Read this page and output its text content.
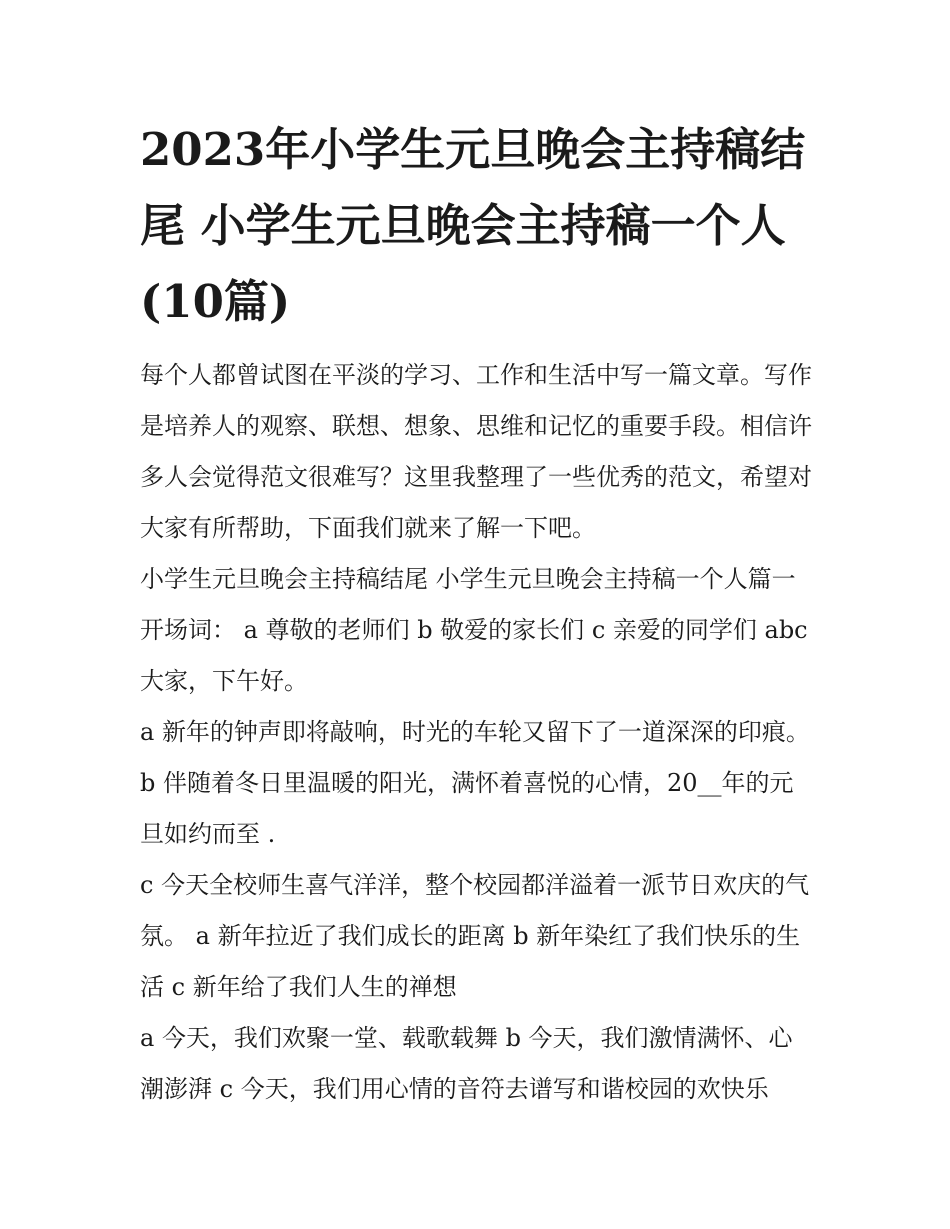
2023年小学生元旦晚会主持稿结尾 小学生元旦晚会主持稿一个人(10篇)

每个人都曾试图在平淡的学习、工作和生活中写一篇文章。写作是培养人的观察、联想、想象、思维和记忆的重要手段。相信许多人会觉得范文很难写？这里我整理了一些优秀的范文，希望对大家有所帮助，下面我们就来了解一下吧。

小学生元旦晚会主持稿结尾 小学生元旦晚会主持稿一个人篇一 开场词： a 尊敬的老师们 b 敬爱的家长们 c 亲爱的同学们 abc 大家，下午好。

a 新年的钟声即将敲响，时光的车轮又留下了一道深深的印痕。 b 伴随着冬日里温暖的阳光，满怀着喜悦的心情，20__年的元旦如约而至 .

c 今天全校师生喜气洋洋，整个校园都洋溢着一派节日欢庆的气氛。 a 新年拉近了我们成长的距离 b 新年染红了我们快乐的生活 c 新年给了我们人生的禅想

a 今天，我们欢聚一堂、载歌载舞 b 今天，我们激情满怀、心潮澎湃 c 今天，我们用心情的音符去谱写和谐校园的欢快乐
